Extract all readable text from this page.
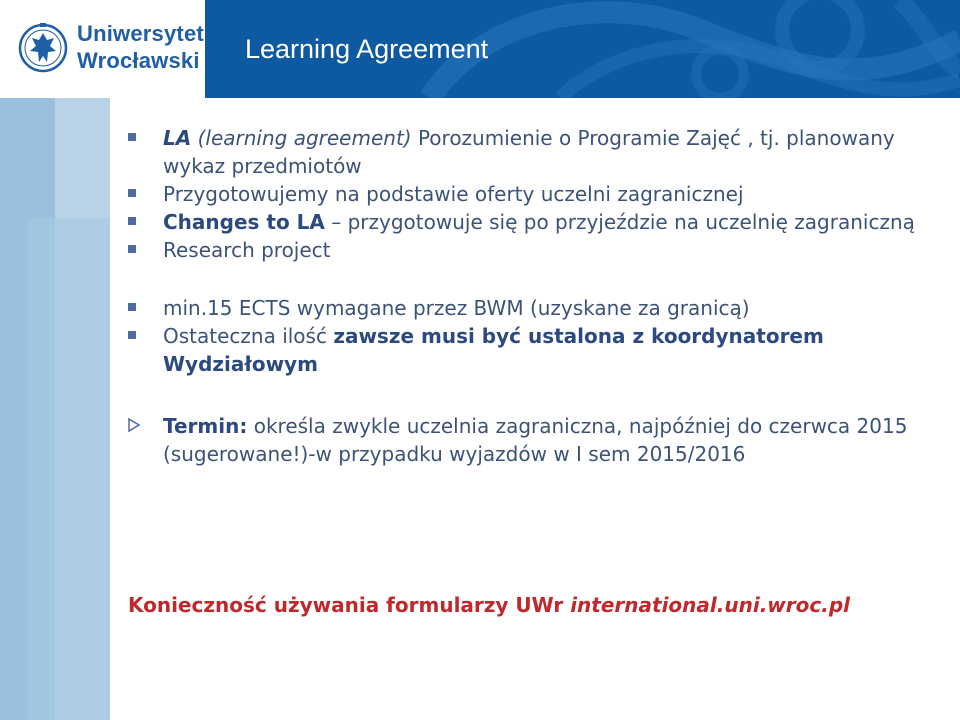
Uniwersytet
Wrocławski Learning Agreement
LA (learning agreement) Porozumienie o Programie Zajęć , tj. planowany wykaz przedmiotów
Przygotowujemy na podstawie oferty uczelni zagranicznej
Changes to LA – przygotowuje się po przyjeździe na uczelnię zagraniczną
Research project
min.15 ECTS wymagane przez BWM (uzyskane za granicą)
Ostateczna ilość zawsze musi być ustalona z koordynatorem Wydziałowym
Termin: określa zwykle uczelnia zagraniczna, najpóźniej do czerwca 2015 (sugerowane!)-w przypadku wyjazdów w I sem 2015/2016
Konieczność używania formularzy UWr international.uni.wroc.pl
